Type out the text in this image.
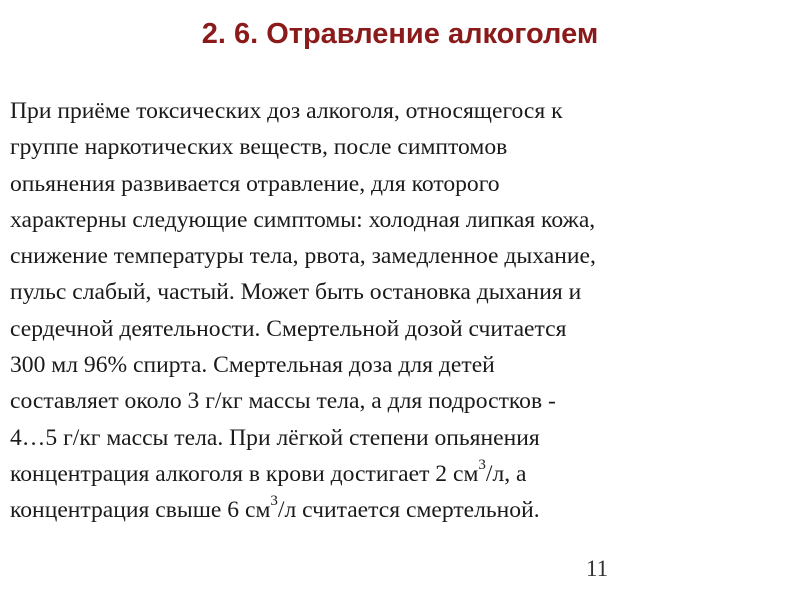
2. 6. Отравление алкоголем
При приёме токсических доз алкоголя, относящегося к
группе наркотических веществ, после симптомов
опьянения развивается отравление, для которого
характерны следующие симптомы: холодная липкая кожа,
снижение температуры тела, рвота, замедленное дыхание,
пульс слабый, частый. Может быть остановка дыхания и
сердечной деятельности. Смертельной дозой считается
300 мл 96% спирта. Смертельная доза для детей
составляет около 3 г/кг массы тела, а для подростков -
4…5 г/кг массы тела. При лёгкой степени опьянения
концентрация алкоголя в крови достигает 2 $см^3/л$, а
концентрация свыше 6 $см^3/л$ считается смертельной.
11
